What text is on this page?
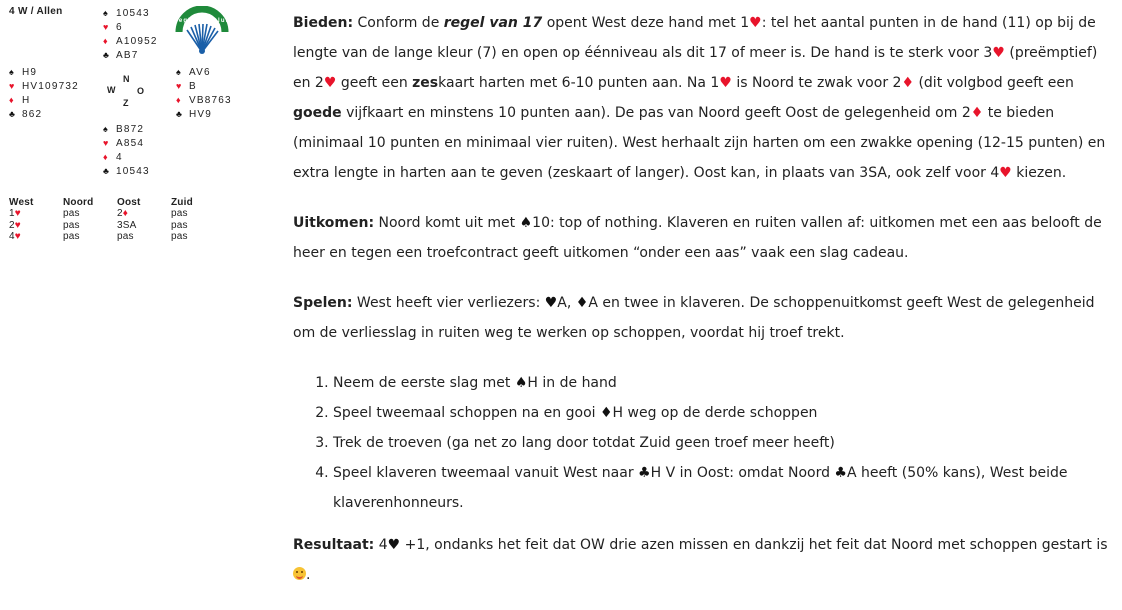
4 W / Allen	♠ 10543
♥ 6
♦ A10952
♣ AB7
Beginnersclub
♠ H9
♥ HV109732
♦ H
♣ 862
N
W O
Z
♠ AV6
♥ B
♦ VB8763
♣ HV9
♠ B872
♥ A854
♦ 4
♣ 10543
West	Noord	Oost	Zuid
1♥	pas	2♦	pas
2♥	pas	3SA	pas
4♥	pas	pas	pas

Bieden: Conform de regel van 17 opent West deze hand met 1♥: tel het aantal punten in de hand (11) op bij de lengte van de lange kleur (7) en open op éénniveau als dit 17 of meer is. De hand is te sterk voor 3♥ (preëmptief) en 2♥ geeft een zeskaart harten met 6-10 punten aan. Na 1♥ is Noord te zwak voor 2♦ (dit volgbod geeft een goede vijfkaart en minstens 10 punten aan). De pas van Noord geeft Oost de gelegenheid om 2♦ te bieden (minimaal 10 punten en minimaal vier ruiten). West herhaalt zijn harten om een zwakke opening (12-15 punten) en extra lengte in harten aan te geven (zeskaart of langer). Oost kan, in plaats van 3SA, ook zelf voor 4♥ kiezen.

Uitkomen: Noord komt uit met ♠10: top of nothing. Klaveren en ruiten vallen af: uitkomen met een aas belooft de heer en tegen een troefcontract geeft uitkomen “onder een aas” vaak een slag cadeau.

Spelen: West heeft vier verliezers: ♥A, ♦A en twee in klaveren. De schoppenuitkomst geeft West de gelegenheid om de verliesslag in ruiten weg te werken op schoppen, voordat hij troef trekt.

1. Neem de eerste slag met ♠H in de hand
2. Speel tweemaal schoppen na en gooi ♦H weg op de derde schoppen
3. Trek de troeven (ga net zo lang door totdat Zuid geen troef meer heeft)
4. Speel klaveren tweemaal vanuit West naar ♣H V in Oost: omdat Noord ♣A heeft (50% kans), West beide klaverenhonneurs.

Resultaat: 4♥ +1, ondanks het feit dat OW drie azen missen en dankzij het feit dat Noord met schoppen gestart is.
